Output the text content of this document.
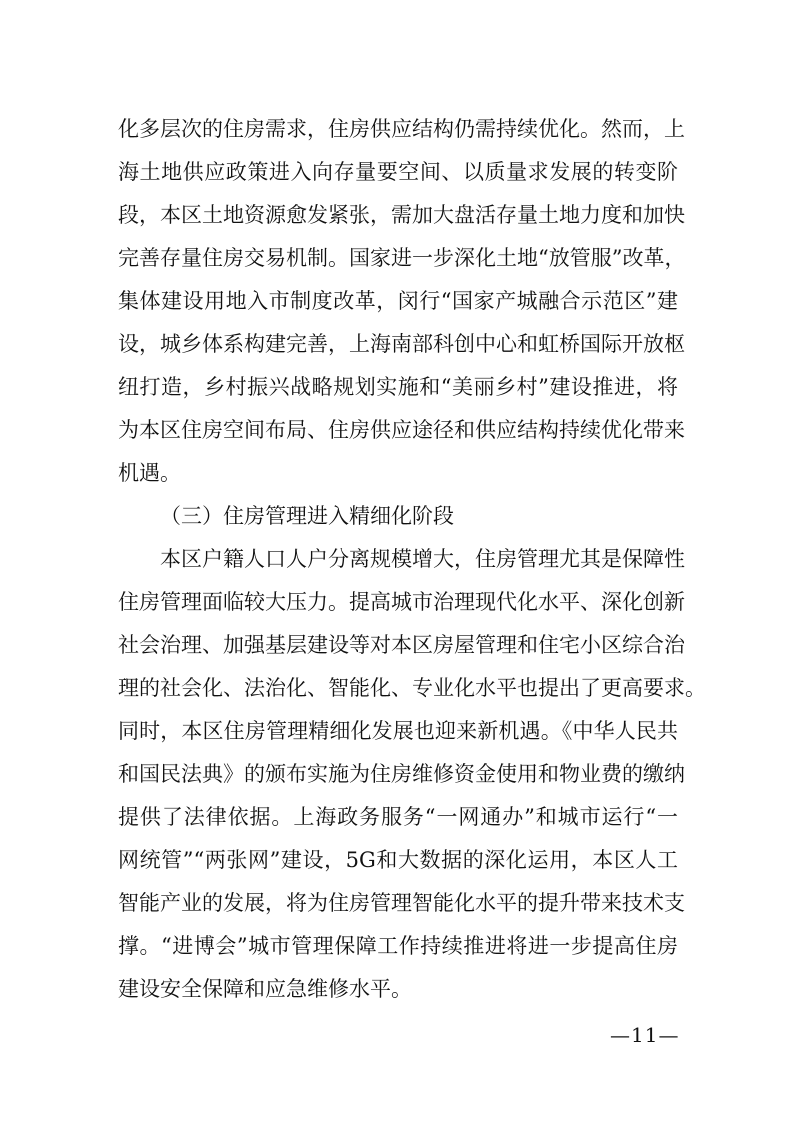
化多层次的住房需求，住房供应结构仍需持续优化。然而，上
海土地供应政策进入向存量要空间、以质量求发展的转变阶
段，本区土地资源愈发紧张，需加大盘活存量土地力度和加快
完善存量住房交易机制。国家进一步深化土地“放管服”改革，
集体建设用地入市制度改革，闵行“国家产城融合示范区”建
设，城乡体系构建完善，上海南部科创中心和虹桥国际开放枢
纽打造，乡村振兴战略规划实施和“美丽乡村”建设推进，将
为本区住房空间布局、住房供应途径和供应结构持续优化带来
机遇。
（三）住房管理进入精细化阶段
本区户籍人口人户分离规模增大，住房管理尤其是保障性
住房管理面临较大压力。提高城市治理现代化水平、深化创新
社会治理、加强基层建设等对本区房屋管理和住宅小区综合治
理的社会化、法治化、智能化、专业化水平也提出了更高要求。
同时，本区住房管理精细化发展也迎来新机遇。《中华人民共
和国民法典》的颁布实施为住房维修资金使用和物业费的缴纳
提供了法律依据。上海政务服务“一网通办”和城市运行“一
网统管”“两张网”建设，5G和大数据的深化运用，本区人工
智能产业的发展，将为住房管理智能化水平的提升带来技术支
撑。“进博会”城市管理保障工作持续推进将进一步提高住房
建设安全保障和应急维修水平。
—11—
